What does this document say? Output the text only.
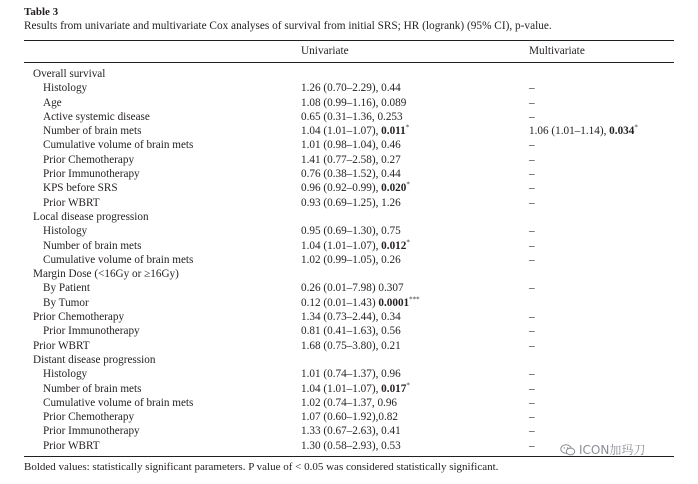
Table 3
Results from univariate and multivariate Cox analyses of survival from initial SRS; HR (logrank) (95% CI), p-value.
Univariate	Multivariate
Overall survival
Histology	1.26 (0.70–2.29), 0.44	–
Age	1.08 (0.99–1.16), 0.089	–
Active systemic disease	0.65 (0.31–1.36, 0.253	–
Number of brain mets	1.04 (1.01–1.07), 0.011*	1.06 (1.01–1.14), 0.034*
Cumulative volume of brain mets	1.01 (0.98–1.04), 0.46	–
Prior Chemotherapy	1.41 (0.77–2.58), 0.27	–
Prior Immunotherapy	0.76 (0.38–1.52), 0.44	–
KPS before SRS	0.96 (0.92–0.99), 0.020*	–
Prior WBRT	0.93 (0.69–1.25), 1.26	–
Local disease progression
Histology	0.95 (0.69–1.30), 0.75	–
Number of brain mets	1.04 (1.01–1.07), 0.012*	–
Cumulative volume of brain mets	1.02 (0.99–1.05), 0.26	–
Margin Dose (<16Gy or ≥16Gy)
By Patient	0.26 (0.01–7.98) 0.307	–
By Tumor	0.12 (0.01–1.43) 0.0001***
Prior Chemotherapy	1.34 (0.73–2.44), 0.34	–
Prior Immunotherapy	0.81 (0.41–1.63), 0.56	–
Prior WBRT	1.68 (0.75–3.80), 0.21	–
Distant disease progression
Histology	1.01 (0.74–1.37), 0.96	–
Number of brain mets	1.04 (1.01–1.07), 0.017*	–
Cumulative volume of brain mets	1.02 (0.74–1.37, 0.96	–
Prior Chemotherapy	1.07 (0.60–1.92),0.82	–
Prior Immunotherapy	1.33 (0.67–2.63), 0.41	–
Prior WBRT	1.30 (0.58–2.93), 0.53	–
Bolded values: statistically significant parameters. P value of < 0.05 was considered statistically significant.
ICON加玛刀
